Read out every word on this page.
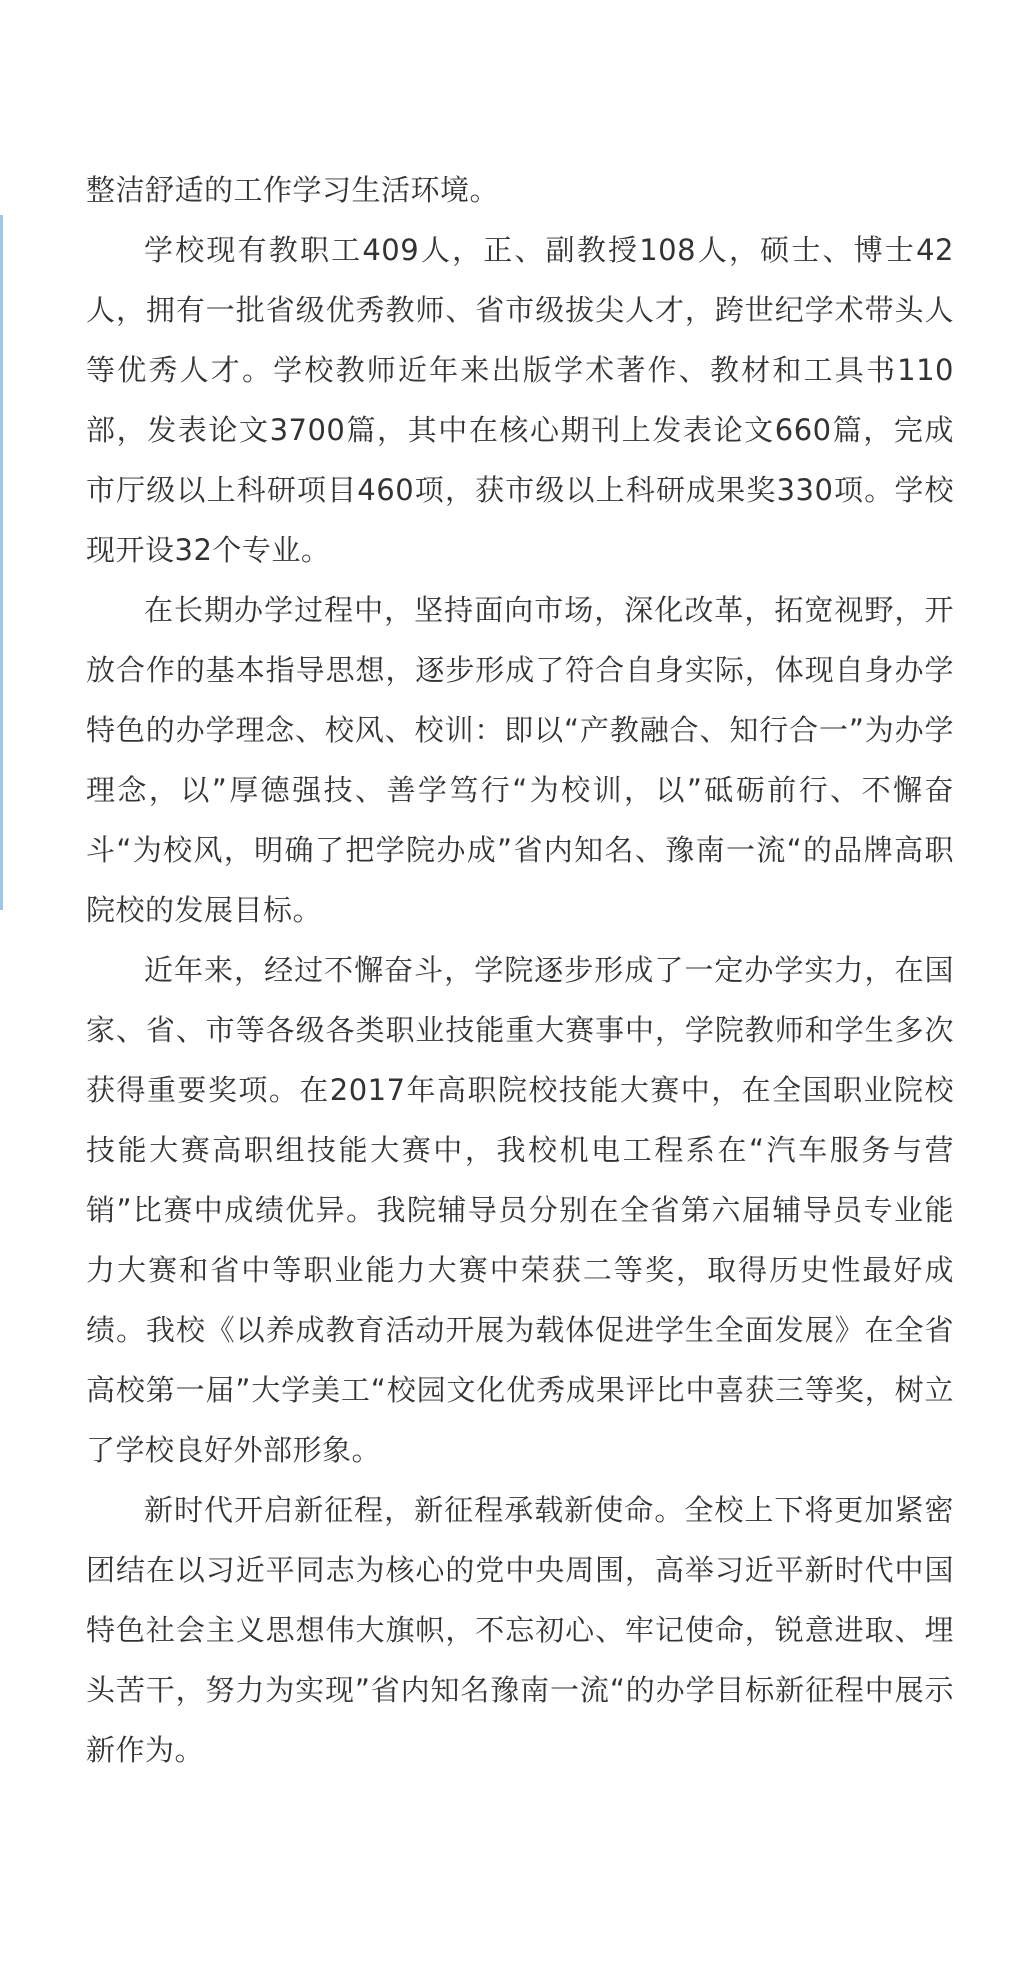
整洁舒适的工作学习生活环境。

学校现有教职工409人，正、副教授108人，硕士、博士42人，拥有一批省级优秀教师、省市级拔尖人才，跨世纪学术带头人等优秀人才。学校教师近年来出版学术著作、教材和工具书110部，发表论文3700篇，其中在核心期刊上发表论文660篇，完成市厅级以上科研项目460项，获市级以上科研成果奖330项。学校现开设32个专业。

在长期办学过程中，坚持面向市场，深化改革，拓宽视野，开放合作的基本指导思想，逐步形成了符合自身实际，体现自身办学特色的办学理念、校风、校训：即以“产教融合、知行合一”为办学理念，以”厚德强技、善学笃行“为校训，以”砥砺前行、不懈奋斗“为校风，明确了把学院办成”省内知名、豫南一流“的品牌高职院校的发展目标。

近年来，经过不懈奋斗，学院逐步形成了一定办学实力，在国家、省、市等各级各类职业技能重大赛事中，学院教师和学生多次获得重要奖项。在2017年高职院校技能大赛中，在全国职业院校技能大赛高职组技能大赛中，我校机电工程系在“汽车服务与营销”比赛中成绩优异。我院辅导员分别在全省第六届辅导员专业能力大赛和省中等职业能力大赛中荣获二等奖，取得历史性最好成绩。我校《以养成教育活动开展为载体促进学生全面发展》在全省高校第一届”大学美工“校园文化优秀成果评比中喜获三等奖，树立了学校良好外部形象。

新时代开启新征程，新征程承载新使命。全校上下将更加紧密团结在以习近平同志为核心的党中央周围，高举习近平新时代中国特色社会主义思想伟大旗帜，不忘初心、牢记使命，锐意进取、埋头苦干，努力为实现”省内知名豫南一流“的办学目标新征程中展示新作为。
